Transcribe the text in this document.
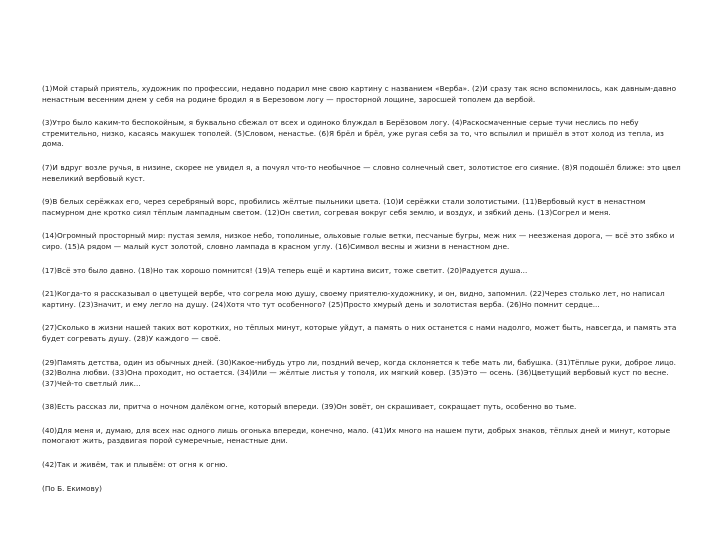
(1)Мой старый приятель, художник по профессии, недавно подарил мне свою картину с названием «Верба». (2)И сразу так ясно вспомнилось, как давным-давно ненастным весенним днем у себя на родине бродил я в Березовом логу — просторной лощине, заросшей тополем да вербой.

(3)Утро было каким-то беспокойным, я буквально сбежал от всех и одиноко блуждал в Берёзовом логу. (4)Раскосмаченные серые тучи неслись по небу стремительно, низко, касаясь макушек тополей. (5)Словом, ненастье. (6)Я брёл и брёл, уже ругая себя за то, что вспылил и пришёл в этот холод из тепла, из дома.

(7)И вдруг возле ручья, в низине, скорее не увидел я, а почуял что-то необычное — словно солнечный свет, золотистое его сияние. (8)Я подошёл ближе: это цвел невеликий вербовый куст.

(9)В белых серёжках его, через серебряный ворс, пробились жёлтые пыльники цвета. (10)И серёжки стали золотистыми. (11)Вербовый куст в ненастном пасмурном дне кротко сиял тёплым лампадным светом. (12)Он светил, согревая вокруг себя землю, и воздух, и зябкий день. (13)Согрел и меня.

(14)Огромный просторный мир: пустая земля, низкое небо, тополиные, ольховые голые ветки, песчаные бугры, меж них — неезженая дорога, — всё это зябко и сиро. (15)А рядом — малый куст золотой, словно лампада в красном углу. (16)Символ весны и жизни в ненастном дне.

(17)Всё это было давно. (18)Но так хорошо помнится! (19)А теперь ещё и картина висит, тоже светит. (20)Радуется душа...

(21)Когда-то я рассказывал о цветущей вербе, что согрела мою душу, своему приятелю-художнику, и он, видно, запомнил. (22)Через столько лет, но написал картину. (23)Значит, и ему легло на душу. (24)Хотя что тут особенного? (25)Просто хмурый день и золотистая верба. (26)Но помнит сердце...

(27)Сколько в жизни нашей таких вот коротких, но тёплых минут, которые уйдут, а память о них останется с нами надолго, может быть, навсегда, и память эта будет согревать душу. (28)У каждого — своё.

(29)Память детства, один из обычных дней. (30)Какое-нибудь утро ли, поздний вечер, когда склоняется к тебе мать ли, бабушка. (31)Тёплые руки, доброе лицо. (32)Волна любви. (33)Она проходит, но остается. (34)Или — жёлтые листья у тополя, их мягкий ковер. (35)Это — осень. (36)Цветущий вербовый куст по весне. (37)Чей-то светлый лик...

(38)Есть рассказ ли, притча о ночном далёком огне, который впереди. (39)Он зовёт, он скрашивает, сокращает путь, особенно во тьме.

(40)Для меня и, думаю, для всех нас одного лишь огонька впереди, конечно, мало. (41)Их много на нашем пути, добрых знаков, тёплых дней и минут, которые помогают жить, раздвигая порой сумеречные, ненастные дни.

(42)Так и живём, так и плывём: от огня к огню.

(По Б. Екимову)
